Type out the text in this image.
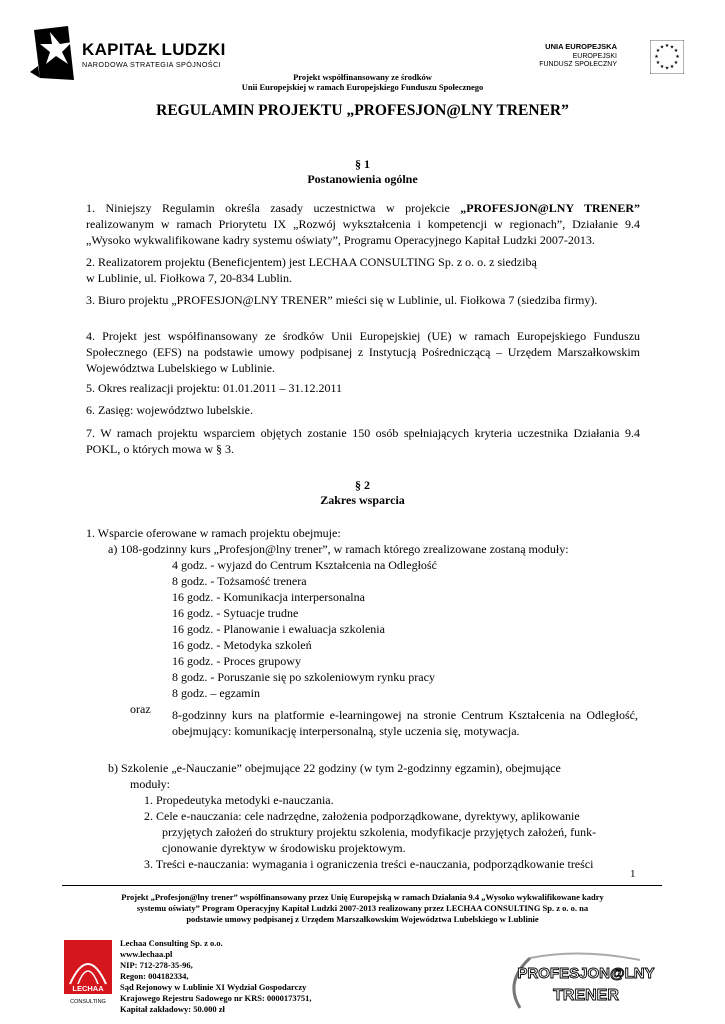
KAPITAŁ LUDZKI
NARODOWA STRATEGIA SPÓJNOŚCI
UNIA EUROPEJSKA
EUROPEJSKI
FUNDUSZ SPOŁECZNY
★ ★
★
★
★
★
★
★
★
★
★
★
Projekt współfinansowany ze środków
Unii Europejskiej w ramach Europejskiego Funduszu Społecznego
REGULAMIN PROJEKTU „PROFESJON@LNY TRENER”
§ 1
Postanowienia ogólne
1. Niniejszy Regulamin określa zasady uczestnictwa w projekcie „PROFESJON@LNY TRENER” realizowanym w ramach Priorytetu IX „Rozwój wykształcenia i kompetencji w regionach”, Działanie 9.4 „Wysoko wykwalifikowane kadry systemu oświaty”, Programu Operacyjnego Kapitał Ludzki 2007-2013.
2. Realizatorem projektu (Beneficjentem) jest LECHAA CONSULTING Sp. z o. o. z siedzibą
w Lublinie, ul. Fiołkowa 7, 20-834 Lublin.
3. Biuro projektu „PROFESJON@LNY TRENER” mieści się w Lublinie, ul. Fiołkowa 7 (siedziba firmy).
4. Projekt jest współfinansowany ze środków Unii Europejskiej (UE) w ramach Europejskiego Funduszu Społecznego (EFS) na podstawie umowy podpisanej z Instytucją Pośredniczącą – Urzędem Marszałkowskim Województwa Lubelskiego w Lublinie.
5. Okres realizacji projektu: 01.01.2011 – 31.12.2011
6. Zasięg: województwo lubelskie.
7. W ramach projektu wsparciem objętych zostanie 150 osób spełniających kryteria uczestnika Działania 9.4 POKL, o których mowa w § 3.
§ 2
Zakres wsparcia
1. Wsparcie oferowane w ramach projektu obejmuje:
a) 108-godzinny kurs „Profesjon@lny trener”, w ramach którego zrealizowane zostaną moduły:
4 godz. - wyjazd do Centrum Kształcenia na Odległość
8 godz. - Tożsamość trenera
16 godz. - Komunikacja interpersonalna
16 godz. - Sytuacje trudne
16 godz. - Planowanie i ewaluacja szkolenia
16 godz. - Metodyka szkoleń
16 godz. - Proces grupowy
8 godz. - Poruszanie się po szkoleniowym rynku pracy
8 godz. – egzamin
oraz 8-godzinny kurs na platformie e-learningowej na stronie Centrum Kształcenia na Odległość, obejmujący: komunikację interpersonalną, style uczenia się, motywacja.
b) Szkolenie „e-Nauczanie” obejmujące 22 godziny (w tym 2-godzinny egzamin), obejmujące
moduły:
1. Propedeutyka metodyki e-nauczania.
2. Cele e-nauczania: cele nadrzędne, założenia podporządkowane, dyrektywy, aplikowanie
przyjętych założeń do struktury projektu szkolenia, modyfikacje przyjętych założeń, funk-
cjonowanie dyrektyw w środowisku projektowym.
3. Treści e-nauczania: wymagania i ograniczenia treści e-nauczania, podporządkowanie treści
1
Projekt „Profesjon@lny trener” współfinansowany przez Unię Europejską w ramach Działania 9.4 „Wysoko wykwalifikowane kadry
systemu oświaty” Program Operacyjny Kapitał Ludzki 2007-2013 realizowany przez LECHAA CONSULTING Sp. z o. o. na
podstawie umowy podpisanej z Urzędem Marszałkowskim Województwa Lubelskiego w Lublinie
LECHAA
CONSULTING
Lechaa Consulting Sp. z o.o.
www.lechaa.pl
NIP: 712-278-35-96,
Regon: 004182334,
Sąd Rejonowy w Lublinie XI Wydział Gospodarczy
Krajowego Rejestru Sadowego nr KRS: 0000173751,
Kapitał zakładowy: 50.000 zł
PROFESJON@LNY
TRENER
